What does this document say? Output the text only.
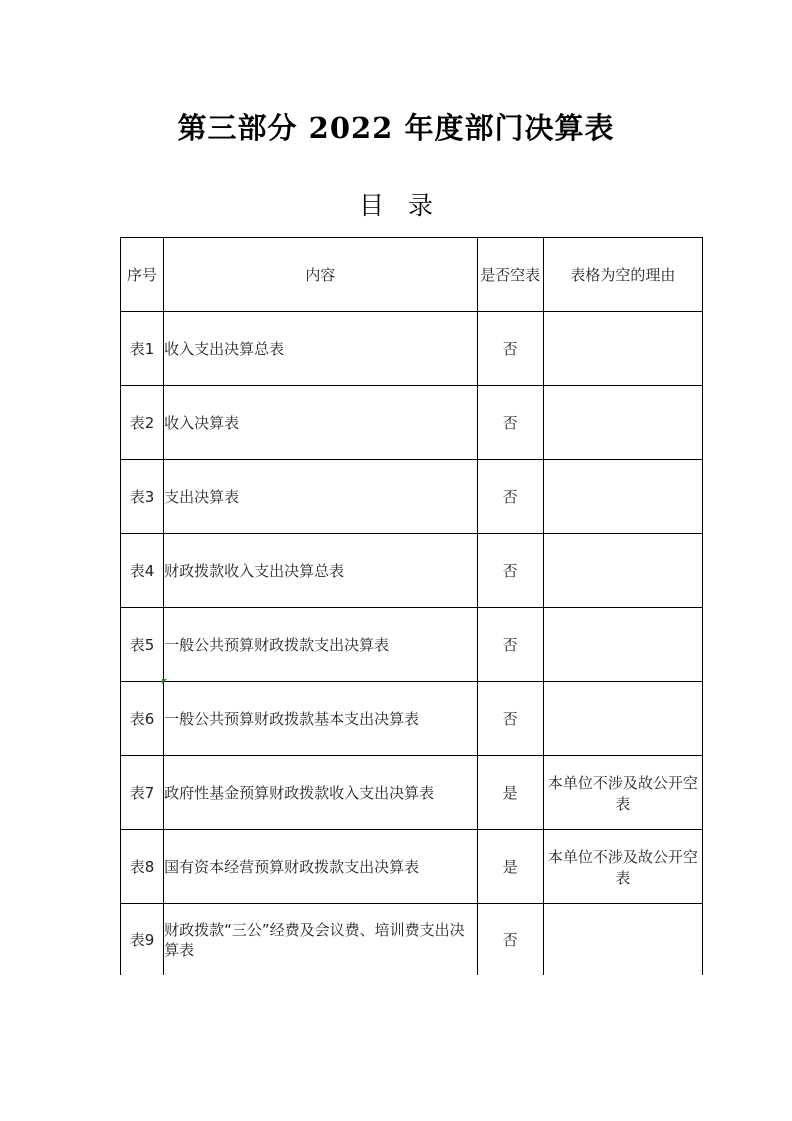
第三部分 2022 年度部门决算表
目录
序号	内容	是否空表	表格为空的理由
表1	收入支出决算总表	否	
表2	收入决算表	否	
表3	支出决算表	否	
表4	财政拨款收入支出决算总表	否	
表5	一般公共预算财政拨款支出决算表	否	
表6	一般公共预算财政拨款基本支出决算表	否	
表7	政府性基金预算财政拨款收入支出决算表	是	本单位不涉及故公开空表
表8	国有资本经营预算财政拨款支出决算表	是	本单位不涉及故公开空表
表9	财政拨款“三公”经费及会议费、培训费支出决算表	否	
